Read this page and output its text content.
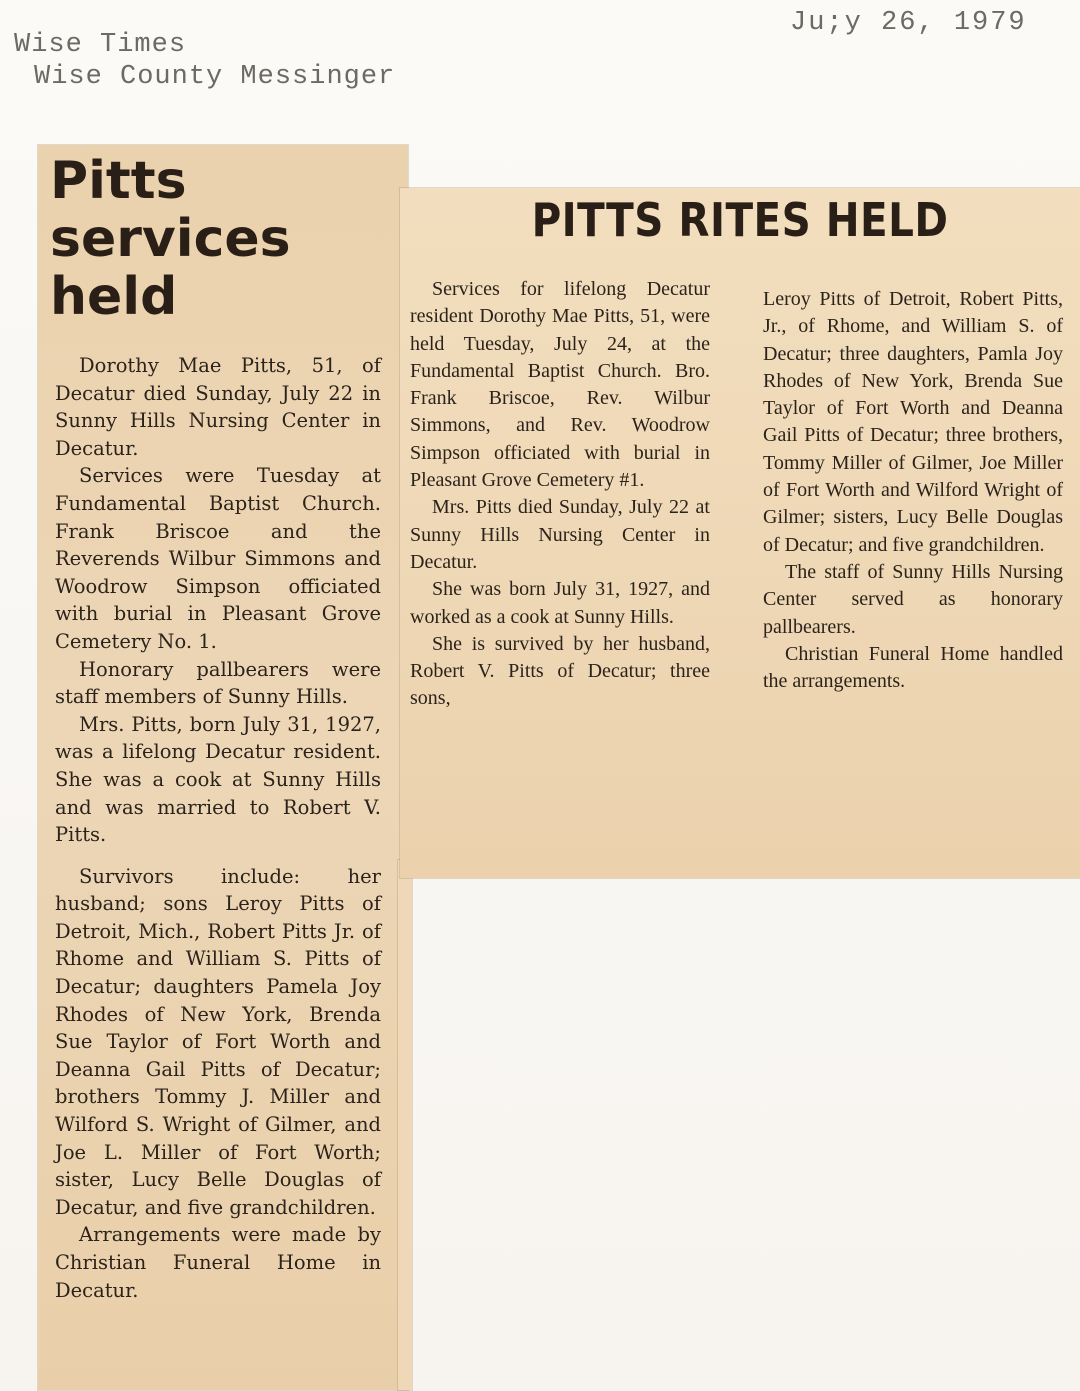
Wise Times
Wise County Messinger
Ju;y 26, 1979
Pitts services held

Dorothy Mae Pitts, 51, of Decatur died Sunday, July 22 in Sunny Hills Nursing Center in Decatur.

Services were Tuesday at Fundamental Baptist Church. Frank Briscoe and the Reverends Wilbur Simmons and Woodrow Simpson officiated with burial in Pleasant Grove Cemetery No. 1.

Honorary pallbearers were staff members of Sunny Hills.

Mrs. Pitts, born July 31, 1927, was a lifelong Decatur resident. She was a cook at Sunny Hills and was married to Robert V. Pitts.

Survivors include: her husband; sons Leroy Pitts of Detroit, Mich., Robert Pitts Jr. of Rhome and William S. Pitts of Decatur; daughters Pamela Joy Rhodes of New York, Brenda Sue Taylor of Fort Worth and Deanna Gail Pitts of Decatur; brothers Tommy J. Miller and Wilford S. Wright of Gilmer, and Joe L. Miller of Fort Worth; sister, Lucy Belle Douglas of Decatur, and five grandchildren.

Arrangements were made by Christian Funeral Home in Decatur.

PITTS RITES HELD

Services for lifelong Decatur resident Dorothy Mae Pitts, 51, were held Tuesday, July 24, at the Fundamental Baptist Church. Bro. Frank Briscoe, Rev. Wilbur Simmons, and Rev. Woodrow Simpson officiated with burial in Pleasant Grove Cemetery #1.

Mrs. Pitts died Sunday, July 22 at Sunny Hills Nursing Center in Decatur.

She was born July 31, 1927, and worked as a cook at Sunny Hills.

She is survived by her husband, Robert V. Pitts of Decatur; three sons,

Leroy Pitts of Detroit, Robert Pitts, Jr., of Rhome, and William S. of Decatur; three daughters, Pamla Joy Rhodes of New York, Brenda Sue Taylor of Fort Worth and Deanna Gail Pitts of Decatur; three brothers, Tommy Miller of Gilmer, Joe Miller of Fort Worth and Wilford Wright of Gilmer; sisters, Lucy Belle Douglas of Decatur; and five grandchildren.

The staff of Sunny Hills Nursing Center served as honorary pallbearers.

Christian Funeral Home handled the arrangements.
